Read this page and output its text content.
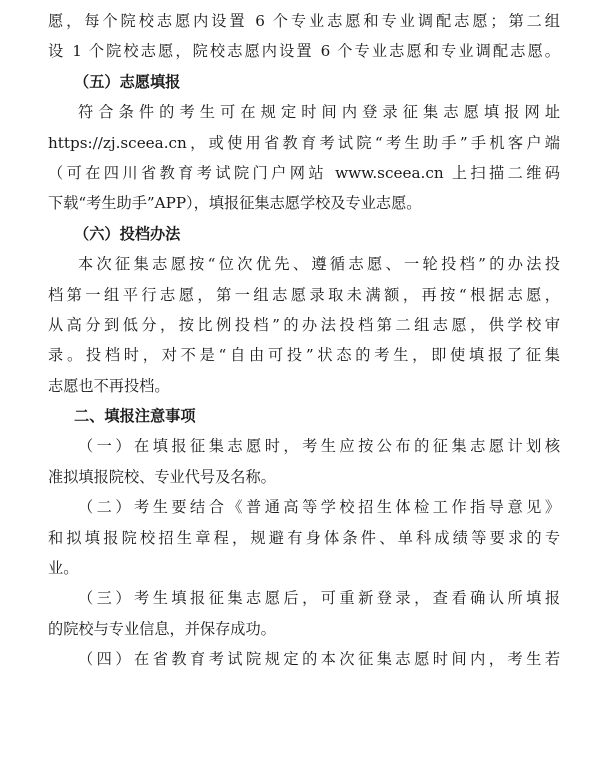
愿，每个院校志愿内设置 6 个专业志愿和专业调配志愿；第二组
设 1 个院校志愿，院校志愿内设置 6 个专业志愿和专业调配志愿。
（五）志愿填报
符合条件的考生可在规定时间内登录征集志愿填报网址
https://zj.sceea.cn，或使用省教育考试院“考生助手”手机客户端
（可在四川省教育考试院门户网站 www.sceea.cn 上扫描二维码
下载“考生助手”APP），填报征集志愿学校及专业志愿。
（六）投档办法
本次征集志愿按“位次优先、遵循志愿、一轮投档”的办法投
档第一组平行志愿，第一组志愿录取未满额，再按“根据志愿，
从高分到低分，按比例投档”的办法投档第二组志愿，供学校审
录。投档时，对不是“自由可投”状态的考生，即使填报了征集
志愿也不再投档。
二、填报注意事项
（一）在填报征集志愿时，考生应按公布的征集志愿计划核
准拟填报院校、专业代号及名称。
（二）考生要结合《普通高等学校招生体检工作指导意见》
和拟填报院校招生章程，规避有身体条件、单科成绩等要求的专
业。
（三）考生填报征集志愿后，可重新登录，查看确认所填报
的院校与专业信息，并保存成功。
（四）在省教育考试院规定的本次征集志愿时间内，考生若
